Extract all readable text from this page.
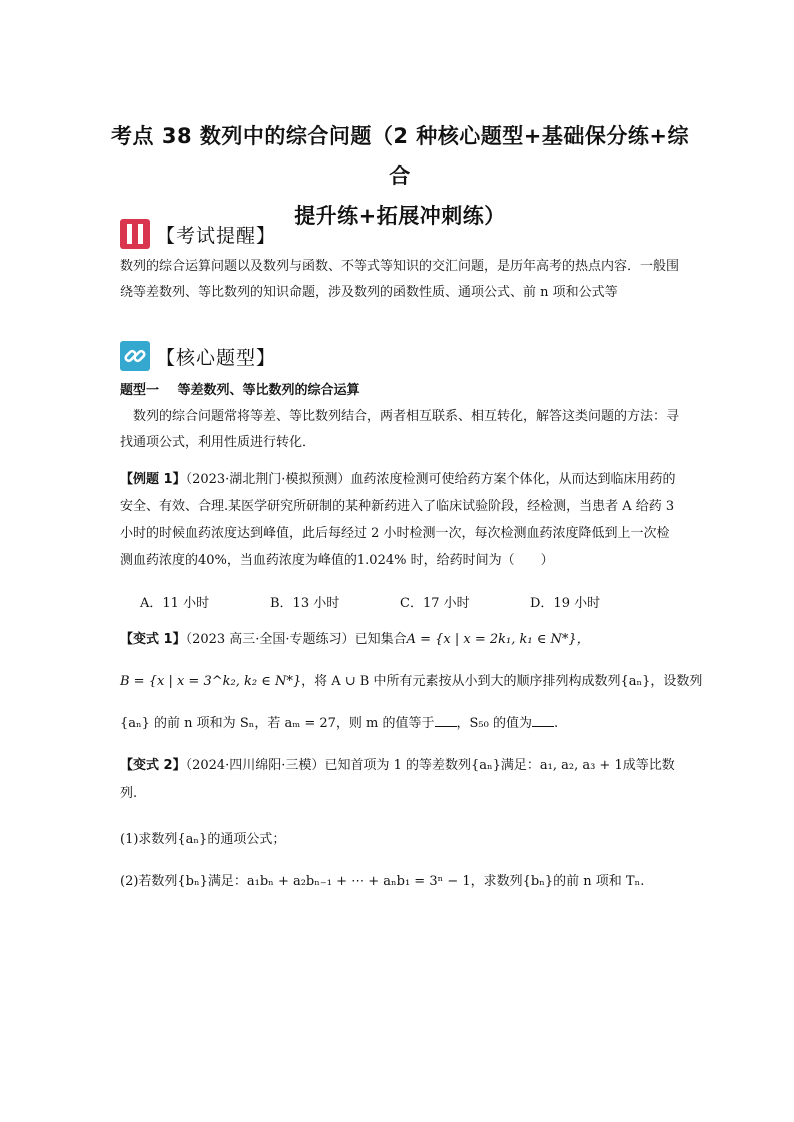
考点 38 数列中的综合问题（2 种核心题型+基础保分练+综合
提升练+拓展冲刺练）
【考试提醒】
数列的综合运算问题以及数列与函数、不等式等知识的交汇问题，是历年高考的热点内容．一般围绕等差数列、等比数列的知识命题，涉及数列的函数性质、通项公式、前 n 项和公式等
【核心题型】
题型一 等差数列、等比数列的综合运算
数列的综合问题常将等差、等比数列结合，两者相互联系、相互转化，解答这类问题的方法：寻找通项公式，利用性质进行转化．
【例题 1】（2023·湖北荆门·模拟预测）血药浓度检测可使给药方案个体化，从而达到临床用药的安全、有效、合理.某医学研究所研制的某种新药进入了临床试验阶段，经检测，当患者 A 给药 3 小时的时候血药浓度达到峰值，此后每经过 2 小时检测一次，每次检测血药浓度降低到上一次检测血药浓度的40%，当血药浓度为峰值的1.024% 时，给药时间为（　　）
A．11 小时	B．13 小时	C．17 小时	D．19 小时
【变式 1】（2023 高三·全国·专题练习）已知集合A = {x | x = 2k₁, k₁ ∈ N*}，
B = {x | x = 3^k₂, k₂ ∈ N*}，将 A ∪ B 中所有元素按从小到大的顺序排列构成数列{aₙ}，设数列
{aₙ} 的前 n 项和为 Sₙ，若 aₘ = 27，则 m 的值等于 ，S₅₀ 的值为 .
【变式 2】（2024·四川绵阳·三模）已知首项为 1 的等差数列{aₙ}满足：a₁, a₂, a₃ + 1成等比数
列.
(1)求数列{aₙ}的通项公式；
(2)若数列{bₙ}满足：a₁bₙ + a₂bₙ₋₁ + ⋯ + aₙb₁ = 3ⁿ − 1，求数列{bₙ}的前 n 项和 Tₙ.
